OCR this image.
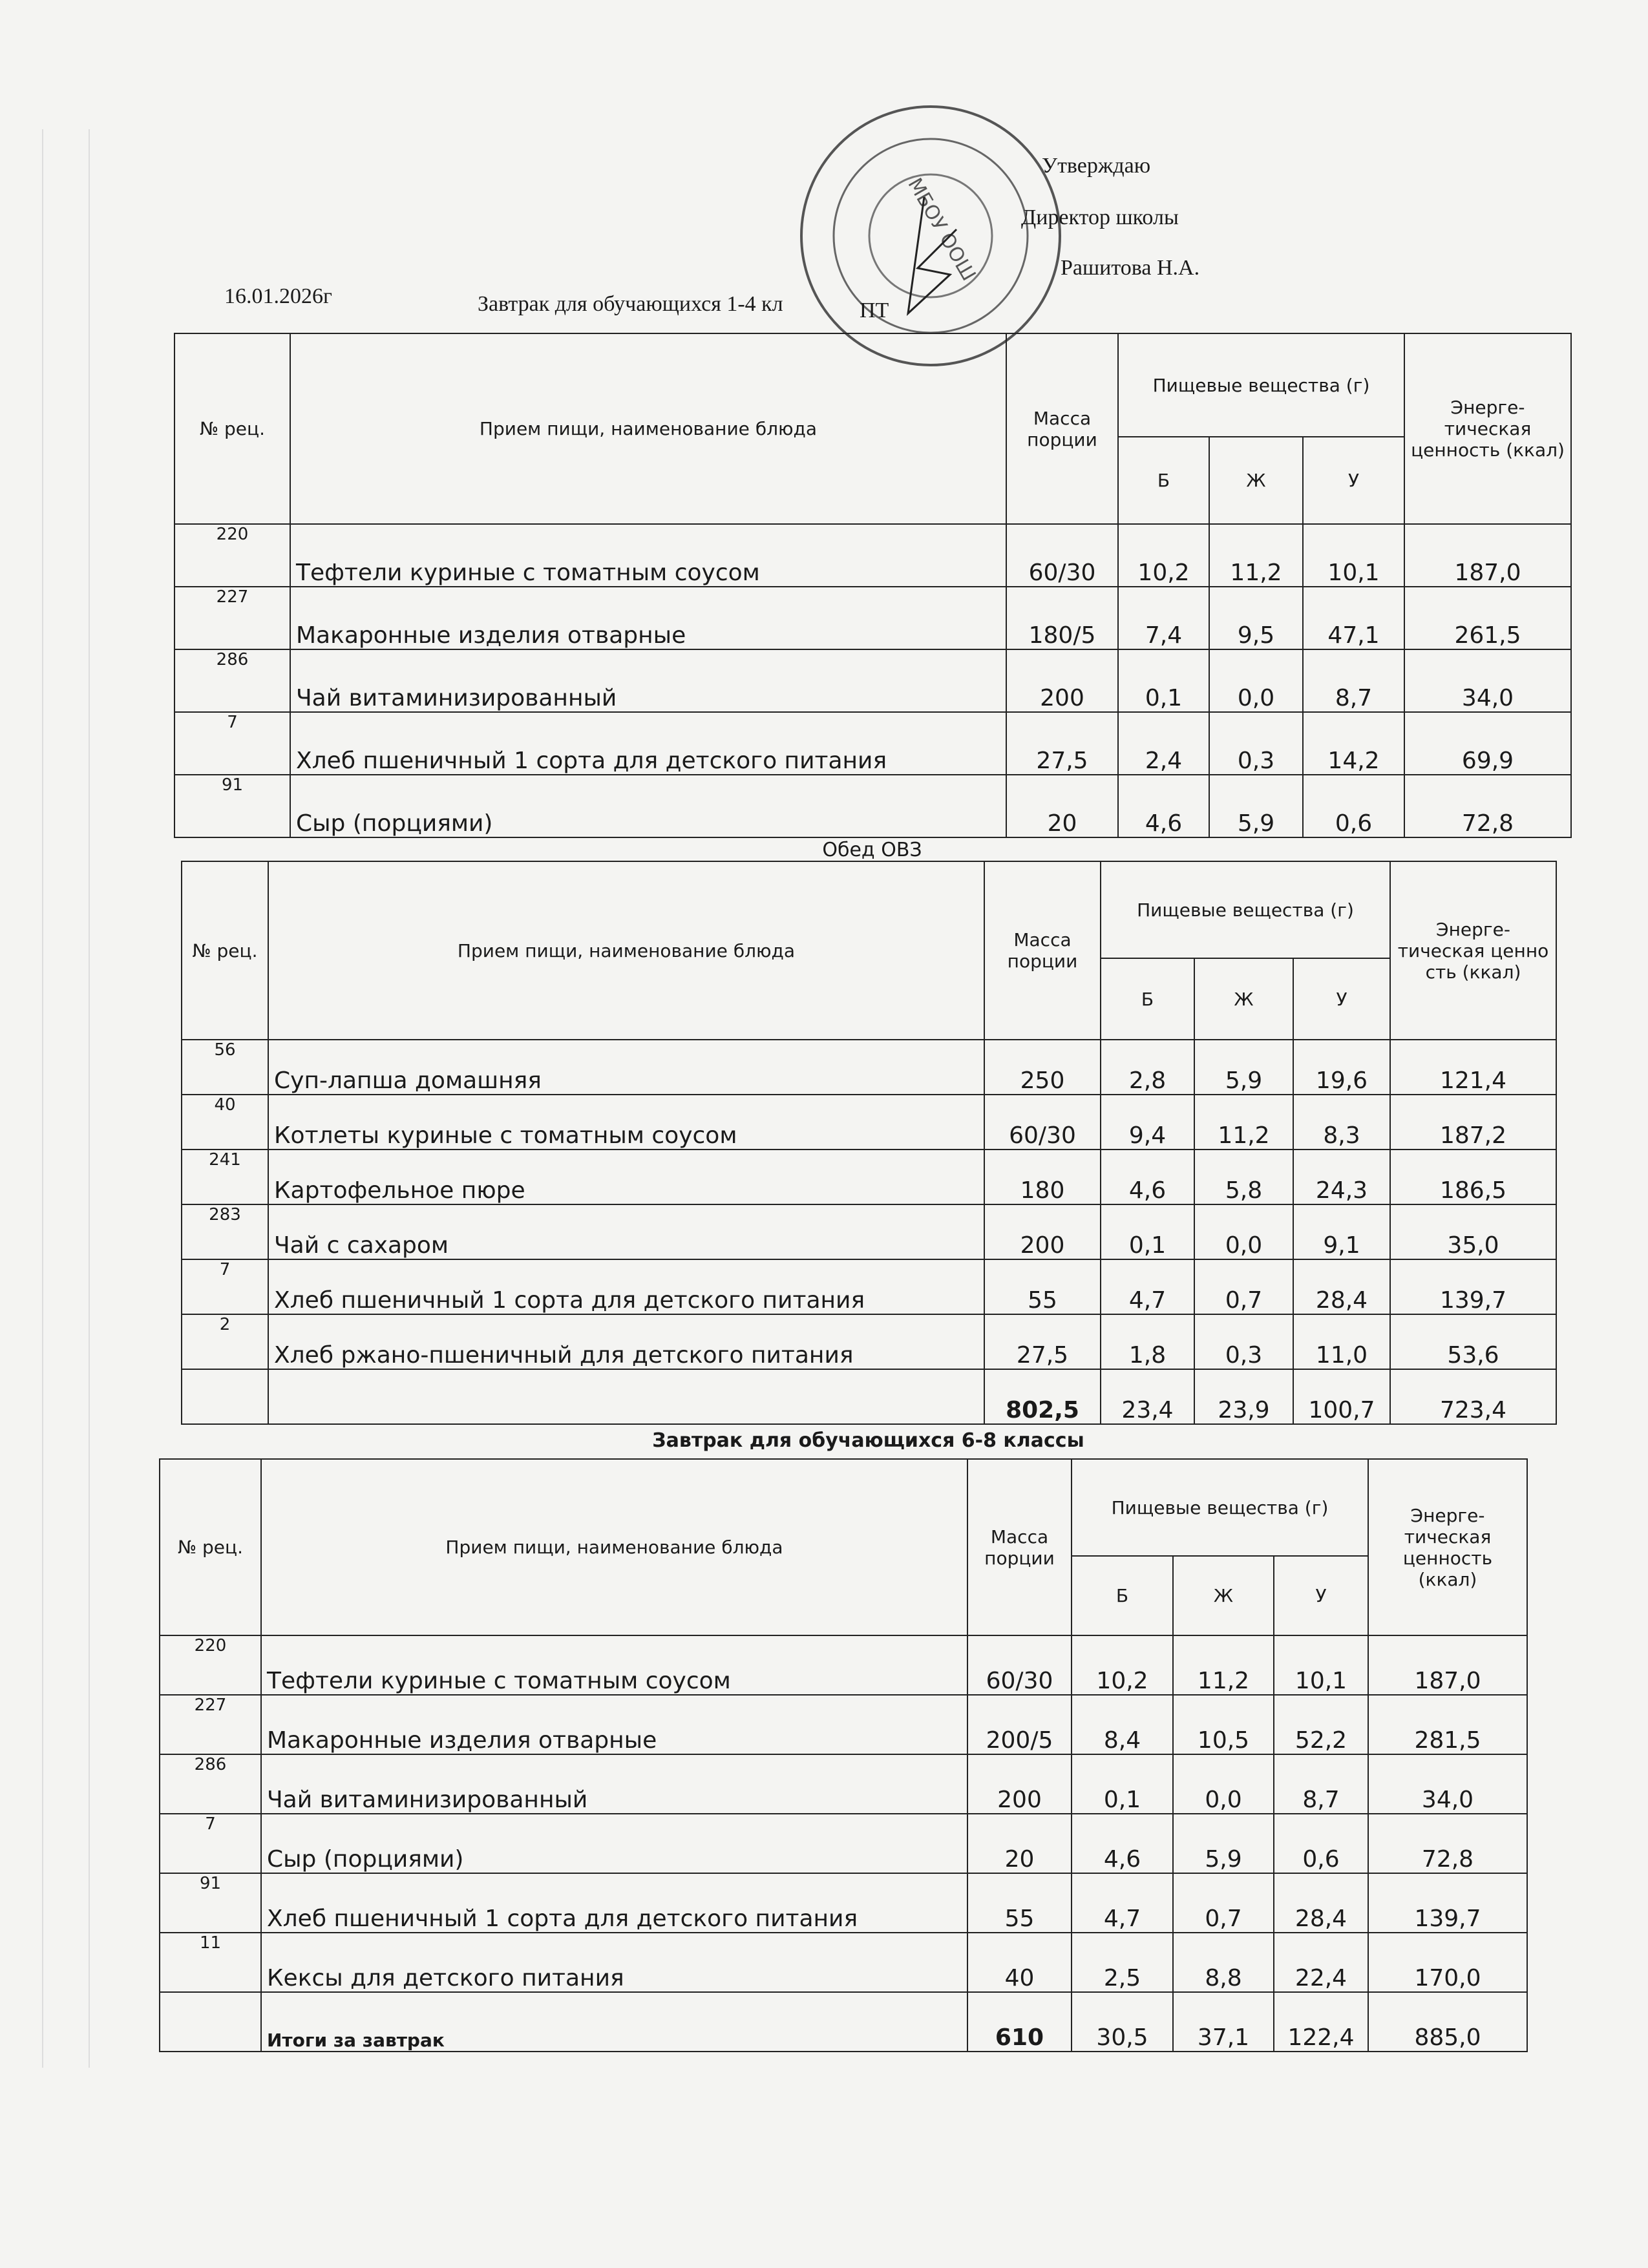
МБОУ ООШ
Утверждаю
Директор школы
Рашитова Н.А.
16.01.2026г	Завтрак для обучающихся 1-4 кл	ПТ
№ рец.	Прием пищи, наименование блюда	Масса порции	Пищевые вещества (г)			Энерге-тическая ценность (ккал)
			Б	Ж	У	
220	Тефтели куриные с томатным соусом	60/30	10,2	11,2	10,1	187,0
227	Макаронные изделия отварные	180/5	7,4	9,5	47,1	261,5
286	Чай витаминизированный	200	0,1	0,0	8,7	34,0
7	Хлеб пшеничный 1 сорта для детского питания	27,5	2,4	0,3	14,2	69,9
91	Сыр (порциями)	20	4,6	5,9	0,6	72,8
№ рец.	Прием пищи, наименование блюда	Масса порции	Пищевые вещества (г)			Энерге-тическая ценно сть (ккал)
			Б	Ж	У	
56	Суп-лапша домашняя	250	2,8	5,9	19,6	121,4
40	Котлеты куриные с томатным соусом	60/30	9,4	11,2	8,3	187,2
241	Картофельное пюре	180	4,6	5,8	24,3	186,5
283	Чай с сахаром	200	0,1	0,0	9,1	35,0
7	Хлеб пшеничный 1 сорта для детского питания	55	4,7	0,7	28,4	139,7
2	Хлеб ржано-пшеничный для детского питания	27,5	1,8	0,3	11,0	53,6
		802,5	23,4	23,9	100,7	723,4
№ рец.	Прием пищи, наименование блюда	Масса порции	Пищевые вещества (г)			Энерге-тическая ценность (ккал)
			Б	Ж	У	
220	Тефтели куриные с томатным соусом	60/30	10,2	11,2	10,1	187,0
227	Макаронные изделия отварные	200/5	8,4	10,5	52,2	281,5
286	Чай витаминизированный	200	0,1	0,0	8,7	34,0
7	Сыр (порциями)	20	4,6	5,9	0,6	72,8
91	Хлеб пшеничный 1 сорта для детского питания	55	4,7	0,7	28,4	139,7
11	Кексы для детского питания	40	2,5	8,8	22,4	170,0
	Итоги за завтрак	610	30,5	37,1	122,4	885,0
Обед ОВЗ
Завтрак для обучающихся 6-8 классы
